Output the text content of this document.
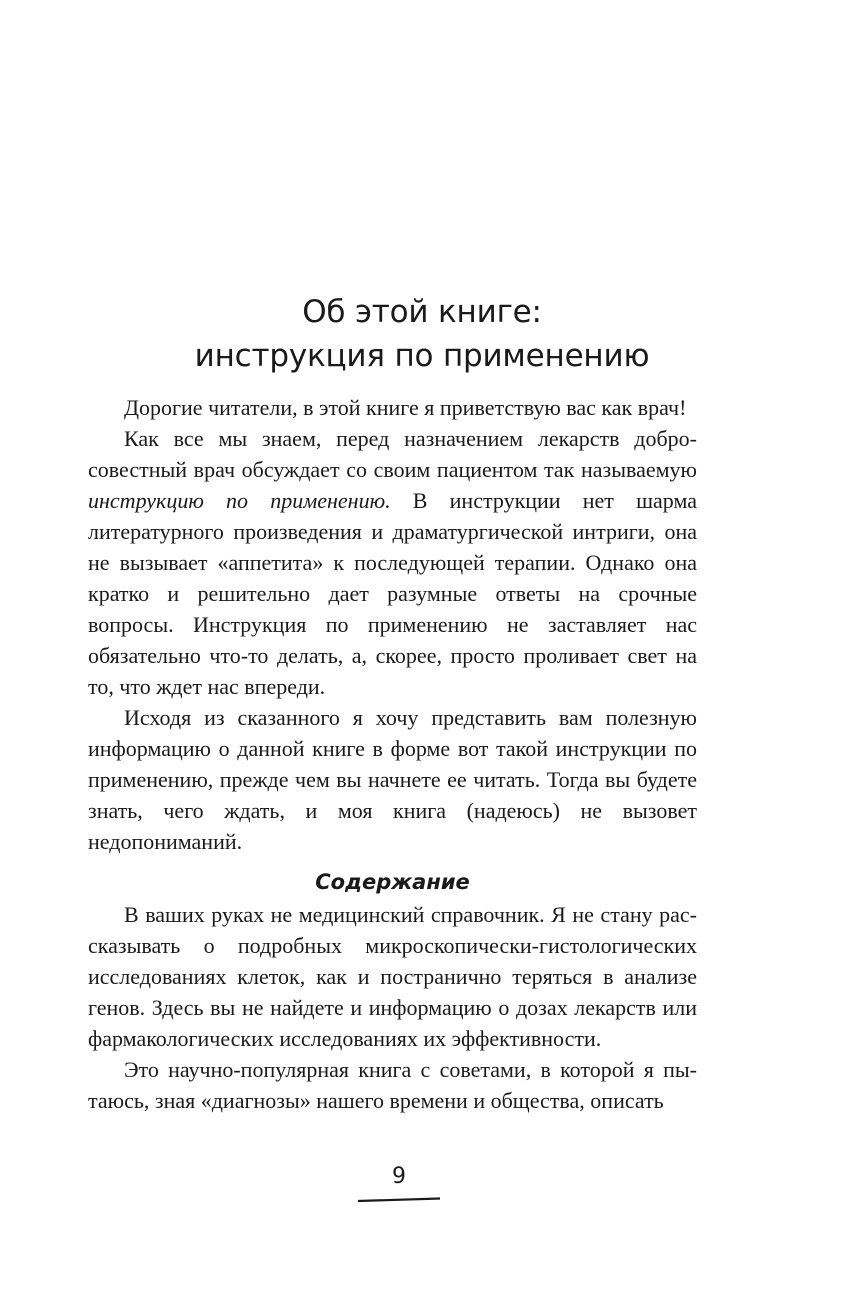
Об этой книге:
инструкция по применению

Дорогие читатели, в этой книге я приветствую вас как врач!

Как все мы знаем, перед назначением лекарств добросовестный врач обсуждает со своим пациентом так называемую инструкцию по применению. В инструкции нет шарма литературного произведения и драматургической интриги, она не вызывает «аппетита» к последующей терапии. Однако она кратко и решительно дает разумные ответы на срочные вопросы. Инструкция по применению не заставляет нас обязательно что-то делать, а, скорее, просто проливает свет на то, что ждет нас впереди.

Исходя из сказанного я хочу представить вам полезную информацию о данной книге в форме вот такой инструкции по применению, прежде чем вы начнете ее читать. Тогда вы будете знать, чего ждать, и моя книга (надеюсь) не вызовет недопониманий.

Содержание

В ваших руках не медицинский справочник. Я не стану рассказывать о подробных микроскопически-гистологических исследованиях клеток, как и постранично теряться в анализе генов. Здесь вы не найдете и информацию о дозах лекарств или фармакологических исследованиях их эффективности.

Это научно-популярная книга с советами, в которой я пытаюсь, зная «диагнозы» нашего времени и общества, описать

9
